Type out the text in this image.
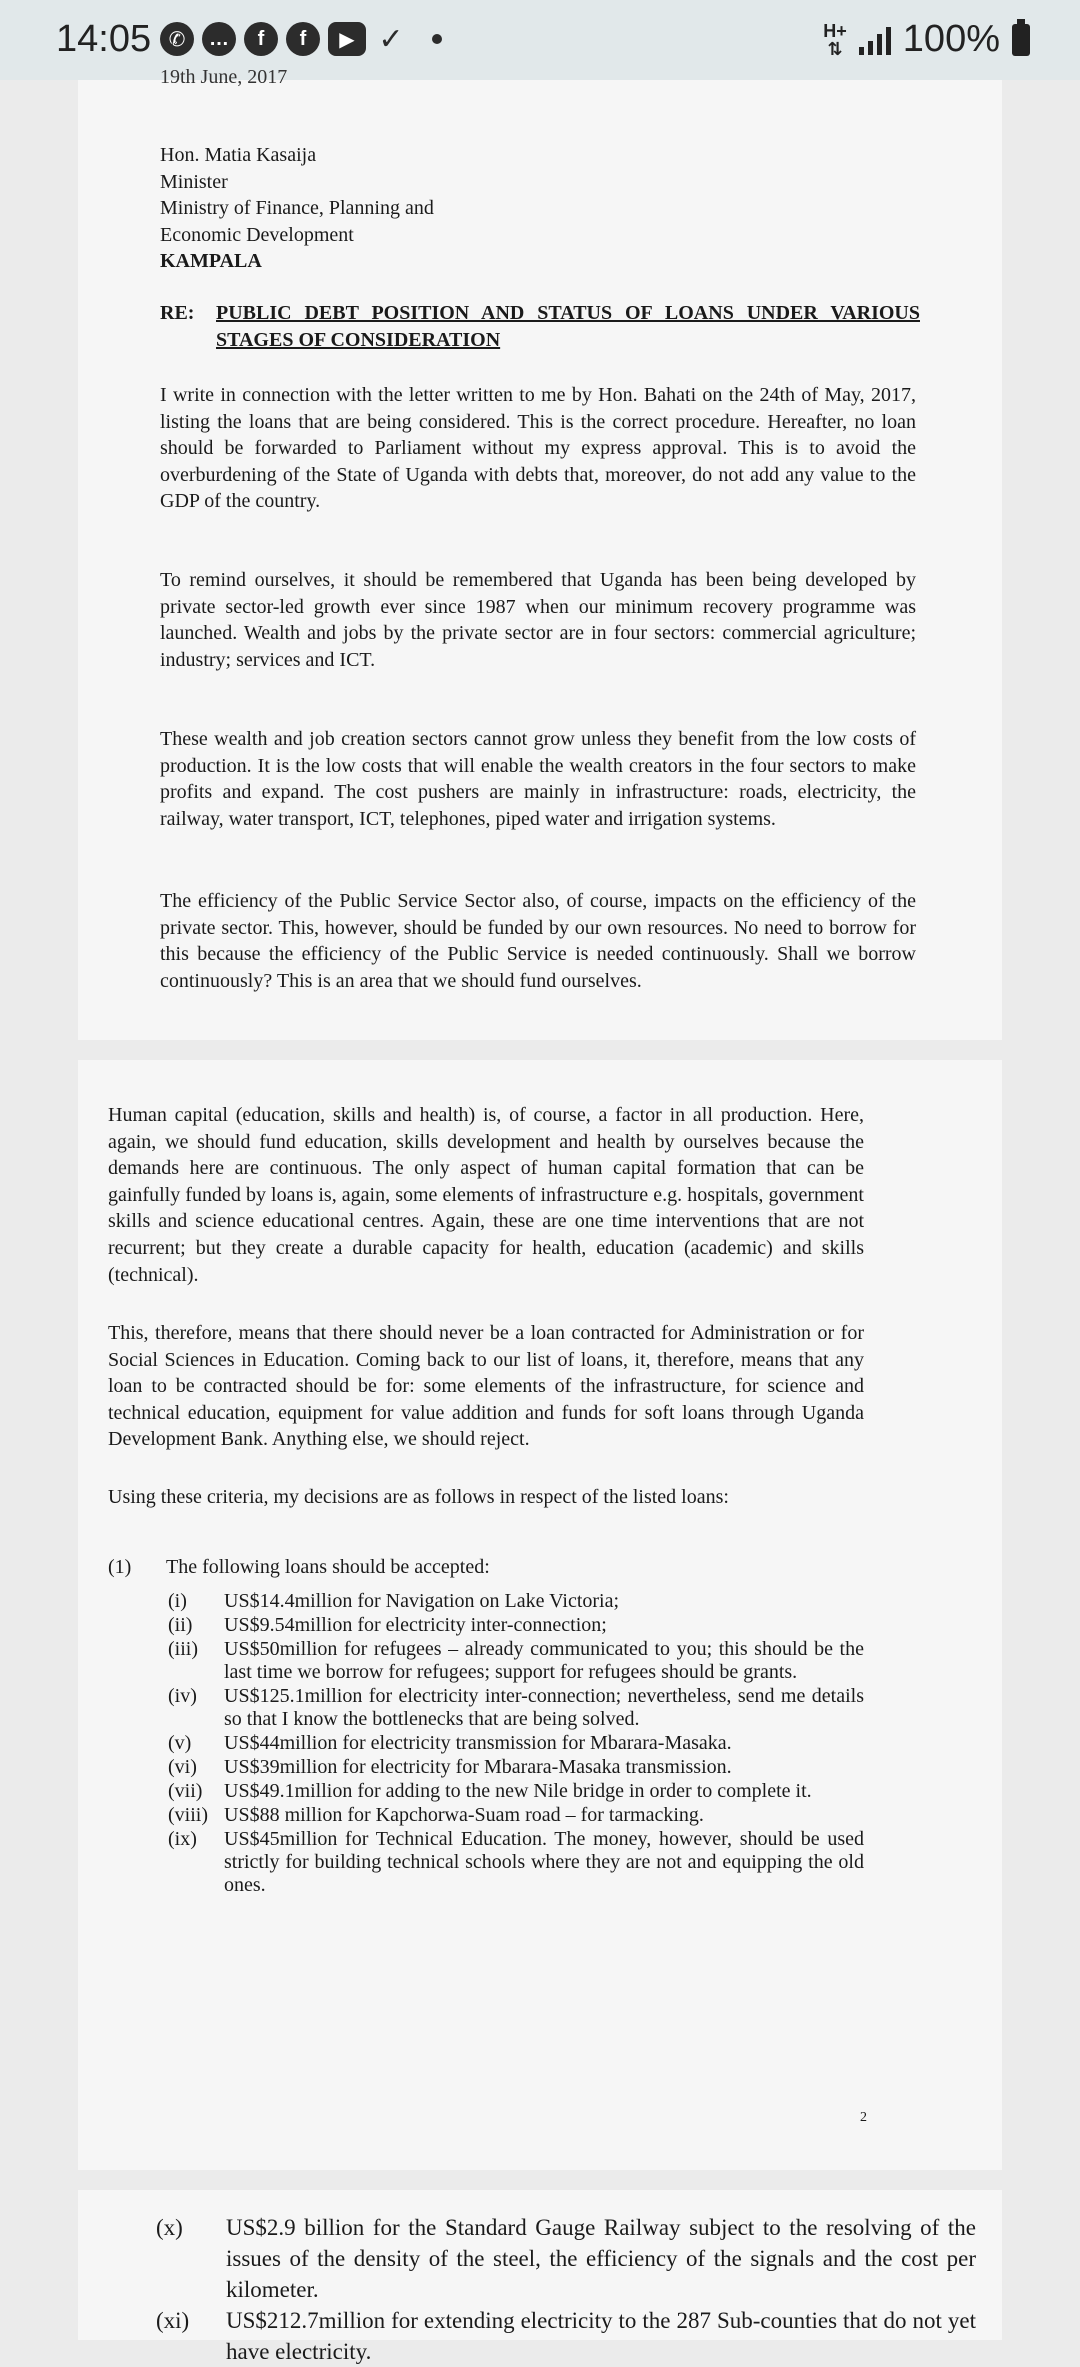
14:05 ✆	…	f	f	▶ ✓	H+
⇅ 100%
19th June, 2017
Hon. Matia Kasaija
Minister
Ministry of Finance, Planning and
Economic Development
KAMPALA
RE:	PUBLIC DEBT POSITION AND STATUS OF LOANS UNDER VARIOUS STAGES OF CONSIDERATION
I write in connection with the letter written to me by Hon. Bahati on the 24th of May, 2017, listing the loans that are being considered. This is the correct procedure. Hereafter, no loan should be forwarded to Parliament without my express approval. This is to avoid the overburdening of the State of Uganda with debts that, moreover, do not add any value to the GDP of the country.
To remind ourselves, it should be remembered that Uganda has been being developed by private sector-led growth ever since 1987 when our minimum recovery programme was launched. Wealth and jobs by the private sector are in four sectors: commercial agriculture; industry; services and ICT.
These wealth and job creation sectors cannot grow unless they benefit from the low costs of production. It is the low costs that will enable the wealth creators in the four sectors to make profits and expand. The cost pushers are mainly in infrastructure: roads, electricity, the railway, water transport, ICT, telephones, piped water and irrigation systems.
The efficiency of the Public Service Sector also, of course, impacts on the efficiency of the private sector. This, however, should be funded by our own resources. No need to borrow for this because the efficiency of the Public Service is needed continuously. Shall we borrow continuously? This is an area that we should fund ourselves.
Human capital (education, skills and health) is, of course, a factor in all production. Here, again, we should fund education, skills development and health by ourselves because the demands here are continuous. The only aspect of human capital formation that can be gainfully funded by loans is, again, some elements of infrastructure e.g. hospitals, government skills and science educational centres. Again, these are one time interventions that are not recurrent; but they create a durable capacity for health, education (academic) and skills (technical).
This, therefore, means that there should never be a loan contracted for Administration or for Social Sciences in Education. Coming back to our list of loans, it, therefore, means that any loan to be contracted should be for: some elements of the infrastructure, for science and technical education, equipment for value addition and funds for soft loans through Uganda Development Bank. Anything else, we should reject.
Using these criteria, my decisions are as follows in respect of the listed loans:
(1)	The following loans should be accepted:
(i)	US$14.4million for Navigation on Lake Victoria;
(ii)	US$9.54million for electricity inter-connection;
(iii)	US$50million for refugees – already communicated to you; this should be the last time we borrow for refugees; support for refugees should be grants.
(iv)	US$125.1million for electricity inter-connection; nevertheless, send me details so that I know the bottlenecks that are being solved.
(v)	US$44million for electricity transmission for Mbarara-Masaka.
(vi)	US$39million for electricity for Mbarara-Masaka transmission.
(vii)	US$49.1million for adding to the new Nile bridge in order to complete it.
(viii) US$88 million for Kapchorwa-Suam road – for tarmacking.
(ix)	US$45million for Technical Education. The money, however, should be used strictly for building technical schools where they are not and equipping the old ones.
2
(x)	US$2.9 billion for the Standard Gauge Railway subject to the resolving of the issues of the density of the steel, the efficiency of the signals and the cost per kilometer.
(xi)	US$212.7million for extending electricity to the 287 Sub-counties that do not yet have electricity.
